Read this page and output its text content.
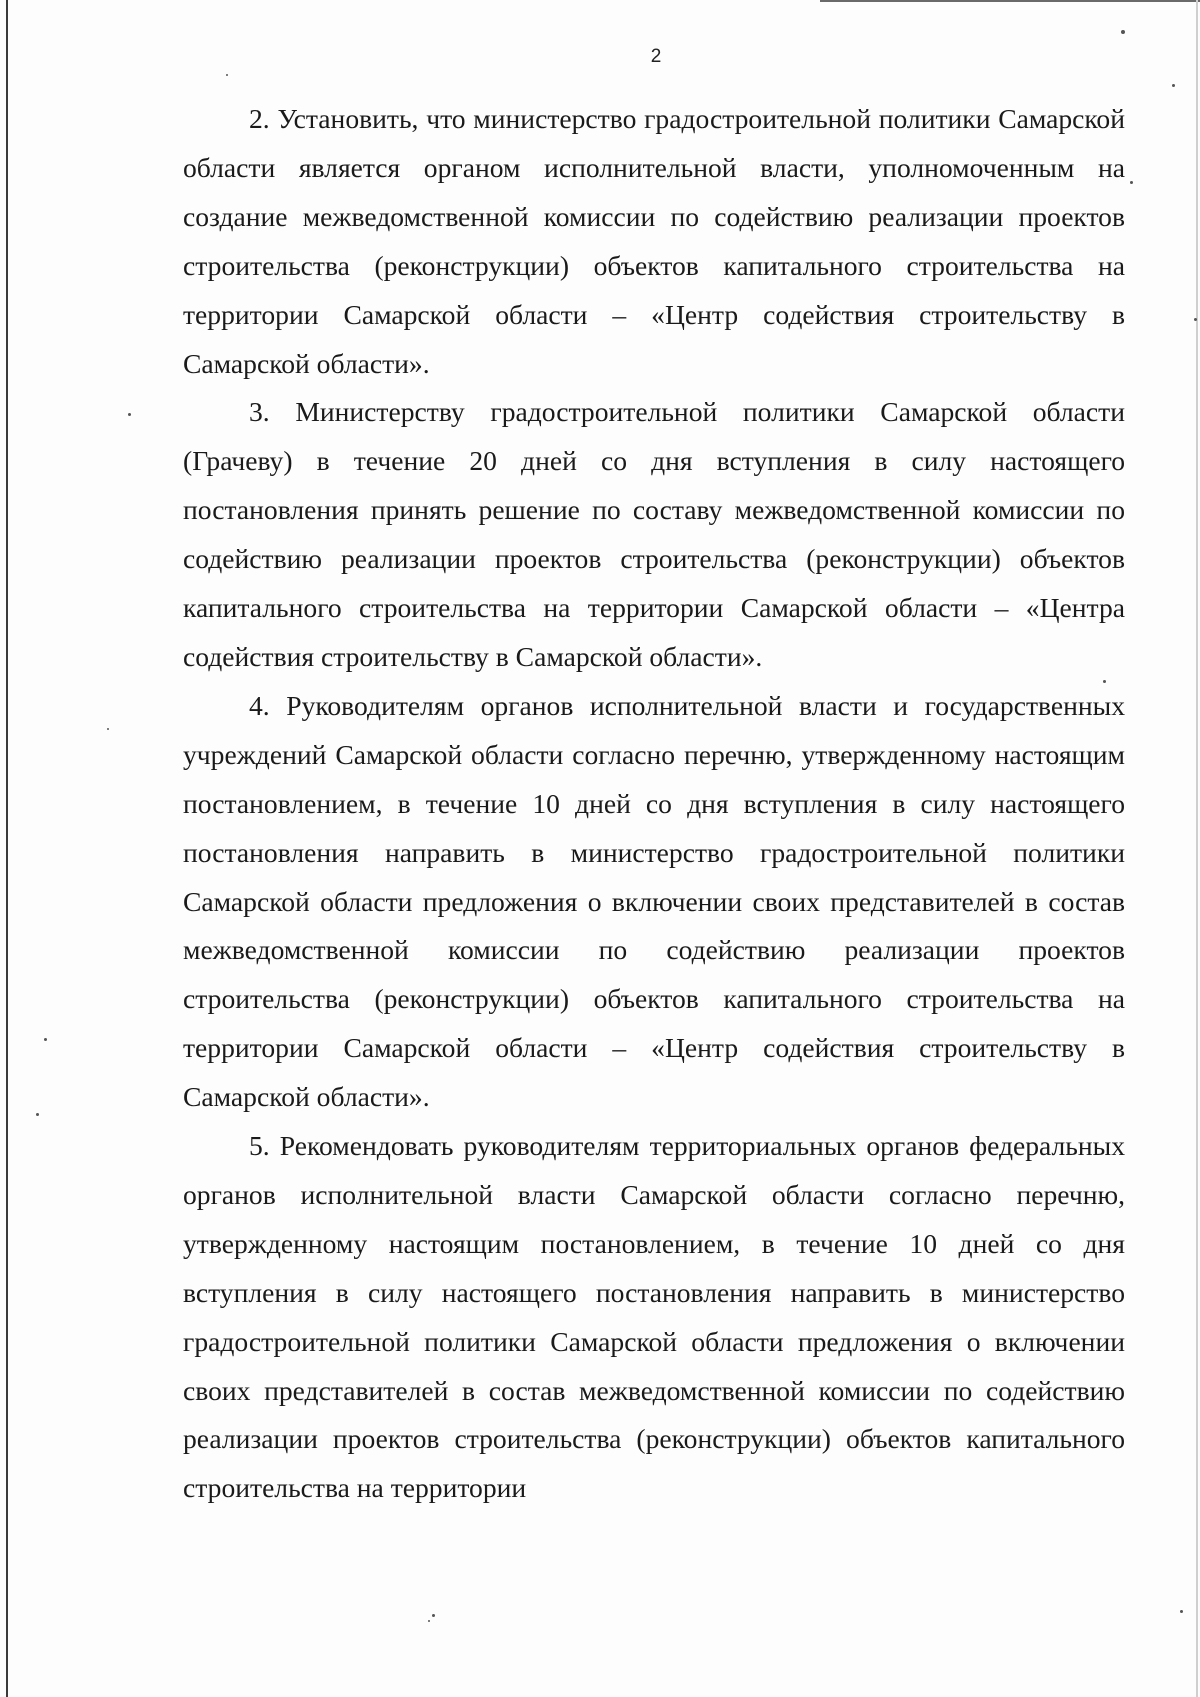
2

2. Установить, что министерство градостроительной политики Самарской области является органом исполнительной власти, уполномоченным на создание межведомственной комиссии по содействию реализации проектов строительства (реконструкции) объектов капитального строительства на территории Самарской области – «Центр содействия строительству в Самарской области».

3. Министерству градостроительной политики Самарской области (Грачеву) в течение 20 дней со дня вступления в силу настоящего постановления принять решение по составу межведомственной комиссии по содействию реализации проектов строительства (реконструкции) объектов капитального строительства на территории Самарской области – «Центра содействия строительству в Самарской области».

4. Руководителям органов исполнительной власти и государственных учреждений Самарской области согласно перечню, утвержденному настоящим постановлением, в течение 10 дней со дня вступления в силу настоящего постановления направить в министерство градостроительной политики Самарской области предложения о включении своих представителей в состав межведомственной комиссии по содействию реализации проектов строительства (реконструкции) объектов капитального строительства на территории Самарской области – «Центр содействия строительству в Самарской области».

5. Рекомендовать руководителям территориальных органов федеральных органов исполнительной власти Самарской области согласно перечню, утвержденному настоящим постановлением, в течение 10 дней со дня вступления в силу настоящего постановления направить в министерство градостроительной политики Самарской области предложения о включении своих представителей в состав межведомственной комиссии по содействию реализации проектов строительства (реконструкции) объектов капитального строительства на территории
